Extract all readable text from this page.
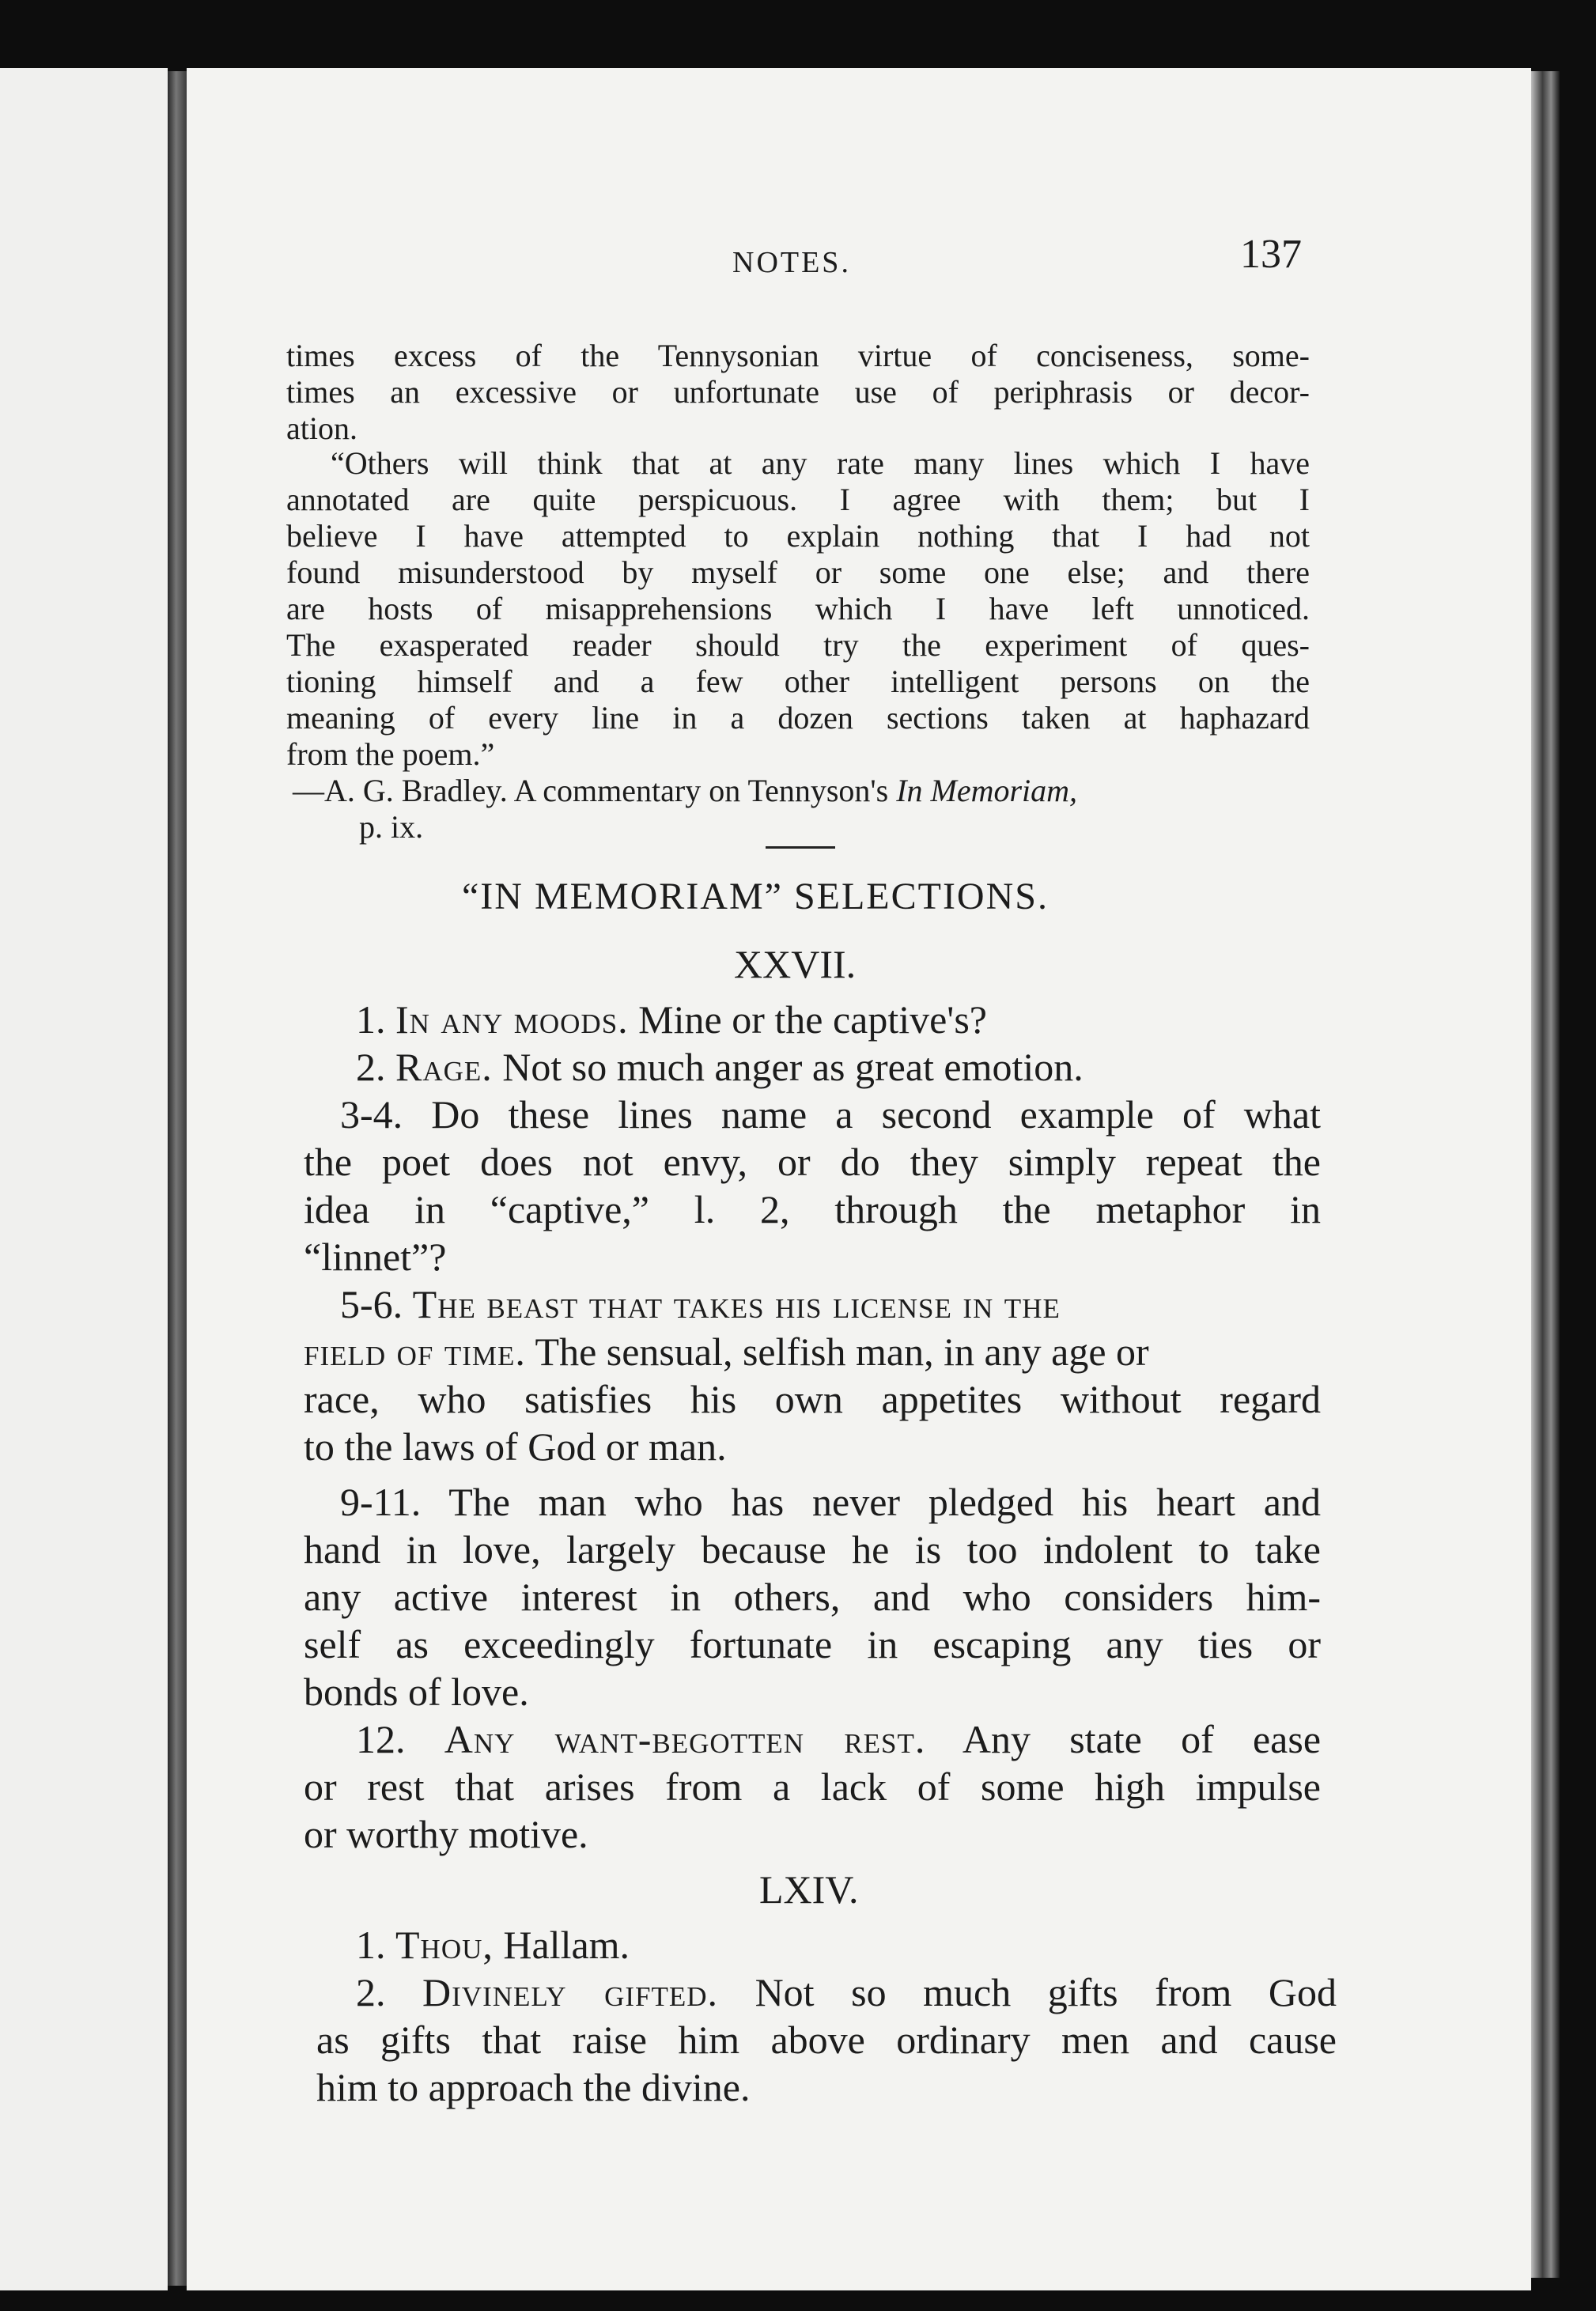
NOTES.	137
times excess of the Tennysonian virtue of conciseness, some-
times an excessive or unfortunate use of periphrasis or decor-
ation.
“Others will think that at any rate many lines which I have
annotated are quite perspicuous. I agree with them; but I
believe I have attempted to explain nothing that I had not
found misunderstood by myself or some one else; and there
are hosts of misapprehensions which I have left unnoticed.
The exasperated reader should try the experiment of ques-
tioning himself and a few other intelligent persons on the
meaning of every line in a dozen sections taken at haphazard
from the poem.”
—A. G. Bradley. A commentary on Tennyson's In Memoriam,
p. ix.
“IN MEMORIAM” SELECTIONS.
XXVII.
1. In any moods. Mine or the captive's?
2. Rage. Not so much anger as great emotion.
3-4. Do these lines name a second example of what
the poet does not envy, or do they simply repeat the
idea in “captive,” l. 2, through the metaphor in
“linnet”?
5-6. The beast that takes his license in the
field of time. The sensual, selfish man, in any age or
race, who satisfies his own appetites without regard
to the laws of God or man.
9-11. The man who has never pledged his heart and
hand in love, largely because he is too indolent to take
any active interest in others, and who considers him-
self as exceedingly fortunate in escaping any ties or
bonds of love.
12. Any want-begotten rest. Any state of ease
or rest that arises from a lack of some high impulse
or worthy motive.
LXIV.
1. Thou, Hallam.
2. Divinely gifted. Not so much gifts from God
as gifts that raise him above ordinary men and cause
him to approach the divine.
